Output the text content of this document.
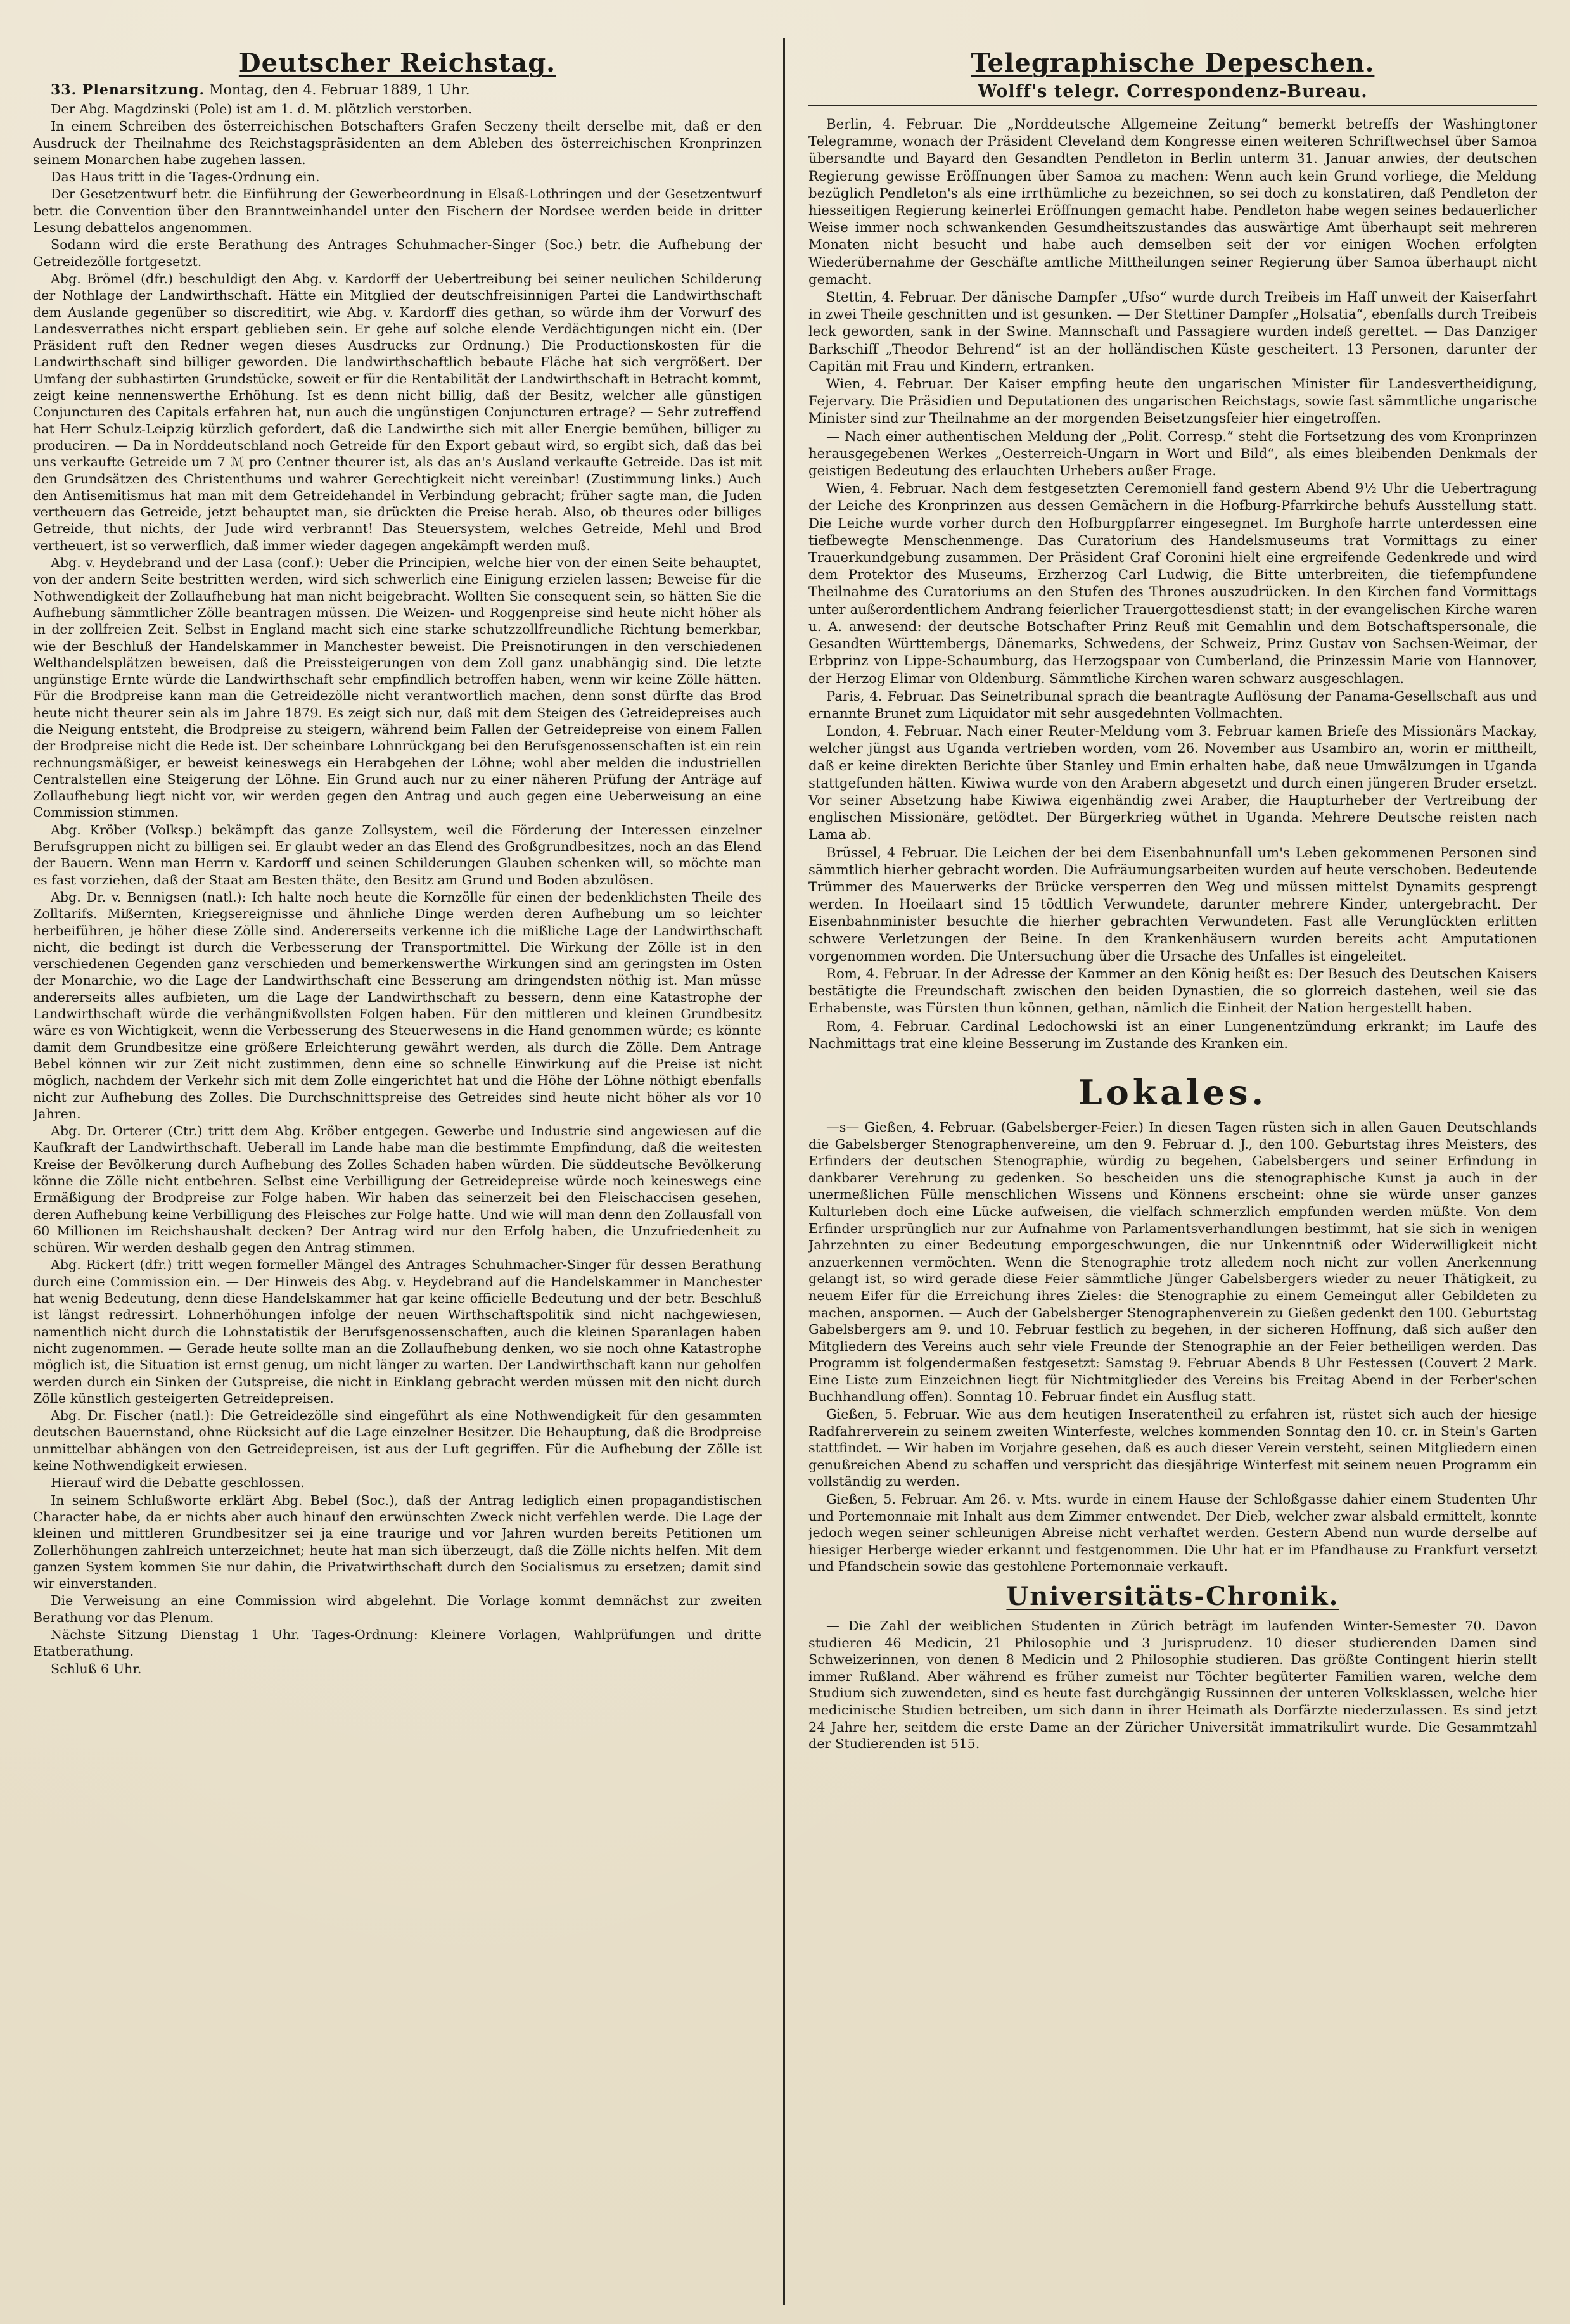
Deutscher Reichstag.
33. Plenarsitzung. Montag, den 4. Februar 1889, 1 Uhr.

Der Abg. Magdzinski (Pole) ist am 1. d. M. plötzlich verstorben.

In einem Schreiben des österreichischen Botschafters Grafen Seczeny theilt derselbe mit, daß er den Ausdruck der Theilnahme des Reichstagspräsidenten an dem Ableben des österreichischen Kronprinzen seinem Monarchen habe zugehen lassen.

Das Haus tritt in die Tages-Ordnung ein.

Der Gesetzentwurf betr. die Einführung der Gewerbeordnung in Elsaß-Lothringen und der Gesetzentwurf betr. die Convention über den Branntweinhandel unter den Fischern der Nordsee werden beide in dritter Lesung debattelos angenommen.

Sodann wird die erste Berathung des Antrages Schuhmacher-Singer (Soc.) betr. die Aufhebung der Getreidezölle fortgesetzt.

Abg. Brömel (dfr.) beschuldigt den Abg. v. Kardorff der Uebertreibung bei seiner neulichen Schilderung der Nothlage der Landwirthschaft. Hätte ein Mitglied der deutschfreisinnigen Partei die Landwirthschaft dem Auslande gegenüber so discreditirt, wie Abg. v. Kardorff dies gethan, so würde ihm der Vorwurf des Landesverrathes nicht erspart geblieben sein. Er gehe auf solche elende Verdächtigungen nicht ein. (Der Präsident ruft den Redner wegen dieses Ausdrucks zur Ordnung.) Die Productionskosten für die Landwirthschaft sind billiger geworden. Die landwirthschaftlich bebaute Fläche hat sich vergrößert. Der Umfang der subhastirten Grundstücke, soweit er für die Rentabilität der Landwirthschaft in Betracht kommt, zeigt keine nennenswerthe Erhöhung. Ist es denn nicht billig, daß der Besitz, welcher alle günstigen Conjuncturen des Capitals erfahren hat, nun auch die ungünstigen Conjuncturen ertrage? — Sehr zutreffend hat Herr Schulz-Leipzig kürzlich gefordert, daß die Landwirthe sich mit aller Energie bemühen, billiger zu produciren. — Da in Norddeutschland noch Getreide für den Export gebaut wird, so ergibt sich, daß das bei uns verkaufte Getreide um 7 ℳ pro Centner theurer ist, als das an's Ausland verkaufte Getreide. Das ist mit den Grundsätzen des Christenthums und wahrer Gerechtigkeit nicht vereinbar! (Zustimmung links.) Auch den Antisemitismus hat man mit dem Getreidehandel in Verbindung gebracht; früher sagte man, die Juden vertheuern das Getreide, jetzt behauptet man, sie drückten die Preise herab. Also, ob theures oder billiges Getreide, thut nichts, der Jude wird verbrannt! Das Steuersystem, welches Getreide, Mehl und Brod vertheuert, ist so verwerflich, daß immer wieder dagegen angekämpft werden muß.

Abg. v. Heydebrand und der Lasa (conf.): Ueber die Principien, welche hier von der einen Seite behauptet, von der andern Seite bestritten werden, wird sich schwerlich eine Einigung erzielen lassen; Beweise für die Nothwendigkeit der Zollaufhebung hat man nicht beigebracht. Wollten Sie consequent sein, so hätten Sie die Aufhebung sämmtlicher Zölle beantragen müssen. Die Weizen- und Roggenpreise sind heute nicht höher als in der zollfreien Zeit. Selbst in England macht sich eine starke schutzzollfreundliche Richtung bemerkbar, wie der Beschluß der Handelskammer in Manchester beweist. Die Preisnotirungen in den verschiedenen Welthandelsplätzen beweisen, daß die Preissteigerungen von dem Zoll ganz unabhängig sind. Die letzte ungünstige Ernte würde die Landwirthschaft sehr empfindlich betroffen haben, wenn wir keine Zölle hätten. Für die Brodpreise kann man die Getreidezölle nicht verantwortlich machen, denn sonst dürfte das Brod heute nicht theurer sein als im Jahre 1879. Es zeigt sich nur, daß mit dem Steigen des Getreidepreises auch die Neigung entsteht, die Brodpreise zu steigern, während beim Fallen der Getreidepreise von einem Fallen der Brodpreise nicht die Rede ist. Der scheinbare Lohnrückgang bei den Berufsgenossenschaften ist ein rein rechnungsmäßiger, er beweist keineswegs ein Herabgehen der Löhne; wohl aber melden die industriellen Centralstellen eine Steigerung der Löhne. Ein Grund auch nur zu einer näheren Prüfung der Anträge auf Zollaufhebung liegt nicht vor, wir werden gegen den Antrag und auch gegen eine Ueberweisung an eine Commission stimmen.

Abg. Kröber (Volksp.) bekämpft das ganze Zollsystem, weil die Förderung der Interessen einzelner Berufsgruppen nicht zu billigen sei. Er glaubt weder an das Elend des Großgrundbesitzes, noch an das Elend der Bauern. Wenn man Herrn v. Kardorff und seinen Schilderungen Glauben schenken will, so möchte man es fast vorziehen, daß der Staat am Besten thäte, den Besitz am Grund und Boden abzulösen.

Abg. Dr. v. Bennigsen (natl.): Ich halte noch heute die Kornzölle für einen der bedenklichsten Theile des Zolltarifs. Mißernten, Kriegsereignisse und ähnliche Dinge werden deren Aufhebung um so leichter herbeiführen, je höher diese Zölle sind. Andererseits verkenne ich die mißliche Lage der Landwirthschaft nicht, die bedingt ist durch die Verbesserung der Transportmittel. Die Wirkung der Zölle ist in den verschiedenen Gegenden ganz verschieden und bemerkenswerthe Wirkungen sind am geringsten im Osten der Monarchie, wo die Lage der Landwirthschaft eine Besserung am dringendsten nöthig ist. Man müsse andererseits alles aufbieten, um die Lage der Landwirthschaft zu bessern, denn eine Katastrophe der Landwirthschaft würde die verhängnißvollsten Folgen haben. Für den mittleren und kleinen Grundbesitz wäre es von Wichtigkeit, wenn die Verbesserung des Steuerwesens in die Hand genommen würde; es könnte damit dem Grundbesitze eine größere Erleichterung gewährt werden, als durch die Zölle. Dem Antrage Bebel können wir zur Zeit nicht zustimmen, denn eine so schnelle Einwirkung auf die Preise ist nicht möglich, nachdem der Verkehr sich mit dem Zolle eingerichtet hat und die Höhe der Löhne nöthigt ebenfalls nicht zur Aufhebung des Zolles. Die Durchschnittspreise des Getreides sind heute nicht höher als vor 10 Jahren.

Abg. Dr. Orterer (Ctr.) tritt dem Abg. Kröber entgegen. Gewerbe und Industrie sind angewiesen auf die Kaufkraft der Landwirthschaft. Ueberall im Lande habe man die bestimmte Empfindung, daß die weitesten Kreise der Bevölkerung durch Aufhebung des Zolles Schaden haben würden. Die süddeutsche Bevölkerung könne die Zölle nicht entbehren. Selbst eine Verbilligung der Getreidepreise würde noch keineswegs eine Ermäßigung der Brodpreise zur Folge haben. Wir haben das seinerzeit bei den Fleischaccisen gesehen, deren Aufhebung keine Verbilligung des Fleisches zur Folge hatte. Und wie will man denn den Zollausfall von 60 Millionen im Reichshaushalt decken? Der Antrag wird nur den Erfolg haben, die Unzufriedenheit zu schüren. Wir werden deshalb gegen den Antrag stimmen.

Abg. Rickert (dfr.) tritt wegen formeller Mängel des Antrages Schuhmacher-Singer für dessen Berathung durch eine Commission ein. — Der Hinweis des Abg. v. Heydebrand auf die Handelskammer in Manchester hat wenig Bedeutung, denn diese Handelskammer hat gar keine officielle Bedeutung und der betr. Beschluß ist längst redressirt. Lohnerhöhungen infolge der neuen Wirthschaftspolitik sind nicht nachgewiesen, namentlich nicht durch die Lohnstatistik der Berufsgenossenschaften, auch die kleinen Sparanlagen haben nicht zugenommen. — Gerade heute sollte man an die Zollaufhebung denken, wo sie noch ohne Katastrophe möglich ist, die Situation ist ernst genug, um nicht länger zu warten. Der Landwirthschaft kann nur geholfen werden durch ein Sinken der Gutspreise, die nicht in Einklang gebracht werden müssen mit den nicht durch Zölle künstlich gesteigerten Getreidepreisen.

Abg. Dr. Fischer (natl.): Die Getreidezölle sind eingeführt als eine Nothwendigkeit für den gesammten deutschen Bauernstand, ohne Rücksicht auf die Lage einzelner Besitzer. Die Behauptung, daß die Brodpreise unmittelbar abhängen von den Getreidepreisen, ist aus der Luft gegriffen. Für die Aufhebung der Zölle ist keine Nothwendigkeit erwiesen.

Hierauf wird die Debatte geschlossen.

In seinem Schlußworte erklärt Abg. Bebel (Soc.), daß der Antrag lediglich einen propagandistischen Character habe, da er nichts aber auch hinauf den erwünschten Zweck nicht verfehlen werde. Die Lage der kleinen und mittleren Grundbesitzer sei ja eine traurige und vor Jahren wurden bereits Petitionen um Zollerhöhungen zahlreich unterzeichnet; heute hat man sich überzeugt, daß die Zölle nichts helfen. Mit dem ganzen System kommen Sie nur dahin, die Privatwirthschaft durch den Socialismus zu ersetzen; damit sind wir einverstanden.

Die Verweisung an eine Commission wird abgelehnt. Die Vorlage kommt demnächst zur zweiten Berathung vor das Plenum.

Nächste Sitzung Dienstag 1 Uhr. Tages-Ordnung: Kleinere Vorlagen, Wahlprüfungen und dritte Etatberathung.

Schluß 6 Uhr.

Telegraphische Depeschen.
Wolff's telegr. Correspondenz-Bureau.

Berlin, 4. Februar. Die „Norddeutsche Allgemeine Zeitung“ bemerkt betreffs der Washingtoner Telegramme, wonach der Präsident Cleveland dem Kongresse einen weiteren Schriftwechsel über Samoa übersandte und Bayard den Gesandten Pendleton in Berlin unterm 31. Januar anwies, der deutschen Regierung gewisse Eröffnungen über Samoa zu machen: Wenn auch kein Grund vorliege, die Meldung bezüglich Pendleton's als eine irrthümliche zu bezeichnen, so sei doch zu konstatiren, daß Pendleton der hiesseitigen Regierung keinerlei Eröffnungen gemacht habe. Pendleton habe wegen seines bedauerlicher Weise immer noch schwankenden Gesundheitszustandes das auswärtige Amt überhaupt seit mehreren Monaten nicht besucht und habe auch demselben seit der vor einigen Wochen erfolgten Wiederübernahme der Geschäfte amtliche Mittheilungen seiner Regierung über Samoa überhaupt nicht gemacht.

Stettin, 4. Februar. Der dänische Dampfer „Ufso“ wurde durch Treibeis im Haff unweit der Kaiserfahrt in zwei Theile geschnitten und ist gesunken. — Der Stettiner Dampfer „Holsatia“, ebenfalls durch Treibeis leck geworden, sank in der Swine. Mannschaft und Passagiere wurden indeß gerettet. — Das Danziger Barkschiff „Theodor Behrend“ ist an der holländischen Küste gescheitert. 13 Personen, darunter der Capitän mit Frau und Kindern, ertranken.

Wien, 4. Februar. Der Kaiser empfing heute den ungarischen Minister für Landesvertheidigung, Fejervary. Die Präsidien und Deputationen des ungarischen Reichstags, sowie fast sämmtliche ungarische Minister sind zur Theilnahme an der morgenden Beisetzungsfeier hier eingetroffen.

— Nach einer authentischen Meldung der „Polit. Corresp.“ steht die Fortsetzung des vom Kronprinzen herausgegebenen Werkes „Oesterreich-Ungarn in Wort und Bild“, als eines bleibenden Denkmals der geistigen Bedeutung des erlauchten Urhebers außer Frage.

Wien, 4. Februar. Nach dem festgesetzten Ceremoniell fand gestern Abend 9½ Uhr die Uebertragung der Leiche des Kronprinzen aus dessen Gemächern in die Hofburg-Pfarrkirche behufs Ausstellung statt. Die Leiche wurde vorher durch den Hofburgpfarrer eingesegnet. Im Burghofe harrte unterdessen eine tiefbewegte Menschenmenge. Das Curatorium des Handelsmuseums trat Vormittags zu einer Trauerkundgebung zusammen. Der Präsident Graf Coronini hielt eine ergreifende Gedenkrede und wird dem Protektor des Museums, Erzherzog Carl Ludwig, die Bitte unterbreiten, die tiefempfundene Theilnahme des Curatoriums an den Stufen des Thrones auszudrücken. In den Kirchen fand Vormittags unter außerordentlichem Andrang feierlicher Trauergottesdienst statt; in der evangelischen Kirche waren u. A. anwesend: der deutsche Botschafter Prinz Reuß mit Gemahlin und dem Botschaftspersonale, die Gesandten Württembergs, Dänemarks, Schwedens, der Schweiz, Prinz Gustav von Sachsen-Weimar, der Erbprinz von Lippe-Schaumburg, das Herzogspaar von Cumberland, die Prinzessin Marie von Hannover, der Herzog Elimar von Oldenburg. Sämmtliche Kirchen waren schwarz ausgeschlagen.

Paris, 4. Februar. Das Seinetribunal sprach die beantragte Auflösung der Panama-Gesellschaft aus und ernannte Brunet zum Liquidator mit sehr ausgedehnten Vollmachten.

London, 4. Februar. Nach einer Reuter-Meldung vom 3. Februar kamen Briefe des Missionärs Mackay, welcher jüngst aus Uganda vertrieben worden, vom 26. November aus Usambiro an, worin er mittheilt, daß er keine direkten Berichte über Stanley und Emin erhalten habe, daß neue Umwälzungen in Uganda stattgefunden hätten. Kiwiwa wurde von den Arabern abgesetzt und durch einen jüngeren Bruder ersetzt. Vor seiner Absetzung habe Kiwiwa eigenhändig zwei Araber, die Haupturheber der Vertreibung der englischen Missionäre, getödtet. Der Bürgerkrieg wüthet in Uganda. Mehrere Deutsche reisten nach Lama ab.

Brüssel, 4 Februar. Die Leichen der bei dem Eisenbahnunfall um's Leben gekommenen Personen sind sämmtlich hierher gebracht worden. Die Aufräumungsarbeiten wurden auf heute verschoben. Bedeutende Trümmer des Mauerwerks der Brücke versperren den Weg und müssen mittelst Dynamits gesprengt werden. In Hoeilaart sind 15 tödtlich Verwundete, darunter mehrere Kinder, untergebracht. Der Eisenbahnminister besuchte die hierher gebrachten Verwundeten. Fast alle Verunglückten erlitten schwere Verletzungen der Beine. In den Krankenhäusern wurden bereits acht Amputationen vorgenommen worden. Die Untersuchung über die Ursache des Unfalles ist eingeleitet.

Rom, 4. Februar. In der Adresse der Kammer an den König heißt es: Der Besuch des Deutschen Kaisers bestätigte die Freundschaft zwischen den beiden Dynastien, die so glorreich dastehen, weil sie das Erhabenste, was Fürsten thun können, gethan, nämlich die Einheit der Nation hergestellt haben.

Rom, 4. Februar. Cardinal Ledochowski ist an einer Lungenentzündung erkrankt; im Laufe des Nachmittags trat eine kleine Besserung im Zustande des Kranken ein.

Lokales.

—s— Gießen, 4. Februar. (Gabelsberger-Feier.) In diesen Tagen rüsten sich in allen Gauen Deutschlands die Gabelsberger Stenographenvereine, um den 9. Februar d. J., den 100. Geburtstag ihres Meisters, des Erfinders der deutschen Stenographie, würdig zu begehen, Gabelsbergers und seiner Erfindung in dankbarer Verehrung zu gedenken. So bescheiden uns die stenographische Kunst ja auch in der unermeßlichen Fülle menschlichen Wissens und Könnens erscheint: ohne sie würde unser ganzes Kulturleben doch eine Lücke aufweisen, die vielfach schmerzlich empfunden werden müßte. Von dem Erfinder ursprünglich nur zur Aufnahme von Parlamentsverhandlungen bestimmt, hat sie sich in wenigen Jahrzehnten zu einer Bedeutung emporgeschwungen, die nur Unkenntniß oder Widerwilligkeit nicht anzuerkennen vermöchten. Wenn die Stenographie trotz alledem noch nicht zur vollen Anerkennung gelangt ist, so wird gerade diese Feier sämmtliche Jünger Gabelsbergers wieder zu neuer Thätigkeit, zu neuem Eifer für die Erreichung ihres Zieles: die Stenographie zu einem Gemeingut aller Gebildeten zu machen, anspornen. — Auch der Gabelsberger Stenographenverein zu Gießen gedenkt den 100. Geburtstag Gabelsbergers am 9. und 10. Februar festlich zu begehen, in der sicheren Hoffnung, daß sich außer den Mitgliedern des Vereins auch sehr viele Freunde der Stenographie an der Feier betheiligen werden. Das Programm ist folgendermaßen festgesetzt: Samstag 9. Februar Abends 8 Uhr Festessen (Couvert 2 Mark. Eine Liste zum Einzeichnen liegt für Nichtmitglieder des Vereins bis Freitag Abend in der Ferber'schen Buchhandlung offen). Sonntag 10. Februar findet ein Ausflug statt.

Gießen, 5. Februar. Wie aus dem heutigen Inseratentheil zu erfahren ist, rüstet sich auch der hiesige Radfahrerverein zu seinem zweiten Winterfeste, welches kommenden Sonntag den 10. cr. in Stein's Garten stattfindet. — Wir haben im Vorjahre gesehen, daß es auch dieser Verein versteht, seinen Mitgliedern einen genußreichen Abend zu schaffen und verspricht das diesjährige Winterfest mit seinem neuen Programm ein vollständig zu werden.

Gießen, 5. Februar. Am 26. v. Mts. wurde in einem Hause der Schloßgasse dahier einem Studenten Uhr und Portemonnaie mit Inhalt aus dem Zimmer entwendet. Der Dieb, welcher zwar alsbald ermittelt, konnte jedoch wegen seiner schleunigen Abreise nicht verhaftet werden. Gestern Abend nun wurde derselbe auf hiesiger Herberge wieder erkannt und festgenommen. Die Uhr hat er im Pfandhause zu Frankfurt versetzt und Pfandschein sowie das gestohlene Portemonnaie verkauft.

Universitäts-Chronik.

— Die Zahl der weiblichen Studenten in Zürich beträgt im laufenden Winter-Semester 70. Davon studieren 46 Medicin, 21 Philosophie und 3 Jurisprudenz. 10 dieser studierenden Damen sind Schweizerinnen, von denen 8 Medicin und 2 Philosophie studieren. Das größte Contingent hierin stellt immer Rußland. Aber während es früher zumeist nur Töchter begüterter Familien waren, welche dem Studium sich zuwendeten, sind es heute fast durchgängig Russinnen der unteren Volksklassen, welche hier medicinische Studien betreiben, um sich dann in ihrer Heimath als Dorfärzte niederzulassen. Es sind jetzt 24 Jahre her, seitdem die erste Dame an der Züricher Universität immatrikulirt wurde. Die Gesammtzahl der Studierenden ist 515.
